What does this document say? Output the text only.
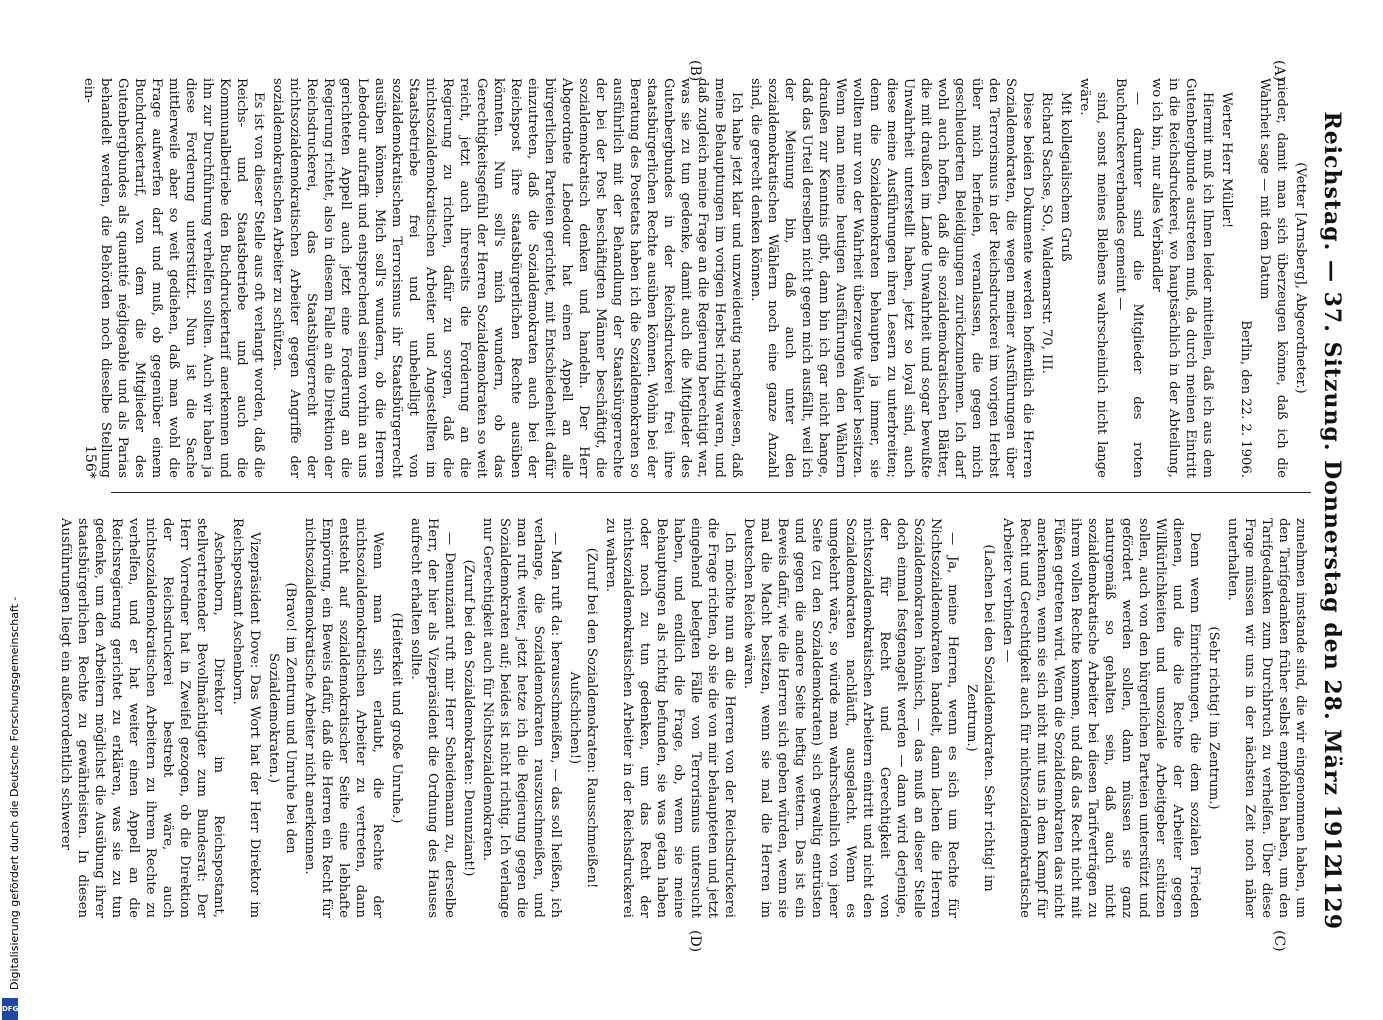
Reichstag. — 37. Sitzung. Donnerstag den 28. März 1912.
1129
(A)
(B)
(C)
(D)

(Vetter [Arnsberg], Abgeordneter.)

nieder, damit man sich überzeugen könne, daß ich die Wahrheit sage — mit dem Datum

Berlin, den 22. 2. 1906.

Werter Herr Müller!

Hiermit muß ich Ihnen leider mitteilen, daß ich aus dem Gutenbergbunde austreten muß, da durch meinen Eintritt in die Reichsdruckerei, wo hauptsächlich in der Abteilung, wo ich bin, nur alles Verbändler

— darunter sind die Mitglieder des roten Buchdruckerverbandes gemeint —

sind, sonst meines Bleibens wahrscheinlich nicht lange wäre.

Mit kollegialischem Gruß

Richard Sachse, SO., Waldemarstr. 70, III.

Diese beiden Dokumente werden hoffentlich die Herren Sozialdemokraten, die wegen meiner Ausführungen über den Terrorismus in der Reichsdruckerei im vorigen Herbst über mich herfielen, veranlassen, die gegen mich geschleuderten Beleidigungen zurückzunehmen. Ich darf wohl auch hoffen, daß die sozialdemokratischen Blätter, die mit draußen im Lande Unwahrheit und sogar bewußte Unwahrheit unterstellt haben, jetzt so loyal sind, auch diese meine Ausführungen ihren Lesern zu unterbreiten; denn die Sozialdemokraten behaupten ja immer, sie wollten nur von der Wahrheit überzeugte Wähler besitzen. Wenn man meine heutigen Ausführungen den Wählern draußen zur Kenntnis gibt, dann bin ich gar nicht bange, daß das Urteil derselben nicht gegen mich ausfällt, weil ich der Meinung bin, daß auch unter den sozialdemokratischen Wählern noch eine ganze Anzahl sind, die gerecht denken können.

Ich habe jetzt klar und unzweideutig nachgewiesen, daß meine Behauptungen im vorigen Herbst richtig waren, und daß zugleich meine Frage an die Regierung berechtigt war, was sie zu tun gedenke, damit auch die Mitglieder des Gutenbergbundes in der Reichsdruckerei frei ihre staatsbürgerlichen Rechte ausüben können. Wohin bei der Beratung des Postetats haben ich die Sozialdemokraten so ausführlich mit der Behandlung der Staatsbürgerrechte der bei der Post beschäftigten Männer beschäftigt, die sozialdemokratisch denken und handeln. Der Herr Abgeordnete Lebedour hat einen Appell an alle bürgerlichen Parteien gerichtet, mit Entschiedenheit dafür einzutreten, daß die Sozialdemokraten auch bei der Reichspost ihre staatsbürgerlichen Rechte ausüben könnten. Nun soll's mich wundern, ob das Gerechtigkeitsgefühl der Herren Sozialdemokraten so weit reicht, jetzt auch ihrerseits die Forderung an die Regierung zu richten, dafür zu sorgen, daß die nichtsozialdemokratischen Arbeiter und Angestellten im Staatsbetriebe frei und unbehelligt von sozialdemokratischem Terrorismus ihr Staatsbürgerrecht ausüben können. Mich soll's wundern, ob die Herren Lebedour aufrafft und entsprechend seinem vorhin an uns gerichteten Appell auch jetzt eine Forderung an die Regierung richtet, also in diesem Falle an die Direktion der Reichsdruckerei, das Staatsbürgerrecht der nichtsozialdemokratischen Arbeiter gegen Angriffe der sozialdemokratischen Arbeiter zu schützen.

Es ist von dieser Stelle aus oft verlangt worden, daß die Reichs- und Staatsbetriebe und auch die Kommunalbetriebe den Buchdruckertarif anerkennen und ihn zur Durchführung verhelfen sollten. Auch wir haben ja diese Forderung unterstützt. Nun ist die Sache mittlerweile aber so weit gediehen, daß man wohl die Frage aufwerfen darf und muß, ob gegenüber einem Buchdruckertarif, von dem die Mitglieder des Gutenbergbundes als quantité négligeable und als Parias behandelt werden, die Behörden noch dieselbe Stellung ein-

zunehmen imstande sind, die wir eingenommen haben, um den Tarifgedanken früher selbst empfohlen haben, um den Tarifgedanken zum Durchbruch zu verhelfen. Über diese Frage müssen wir uns in der nächsten Zeit noch näher unterhalten.

(Sehr richtig! im Zentrum.)

Denn wenn Einrichtungen, die dem sozialen Frieden dienen, und die die Rechte der Arbeiter gegen Willkürlichkeiten und unsoziale Arbeitgeber schützen sollen, auch von den bürgerlichen Parteien unterstützt und gefördert werden sollen, dann müssen sie ganz naturgemäß so gehalten sein, daß auch nicht sozialdemokratische Arbeiter bei diesen Tarifverträgen zu ihrem vollen Rechte kommen, und daß das Recht nicht mit Füßen getreten wird. Wenn die Sozialdemokraten das nicht anerkennen, wenn sie sich nicht mit uns in dem Kampf für Recht und Gerechtigkeit auch für nichtsozialdemokratische Arbeiter verbinden —

(Lachen bei den Sozialdemokraten. Sehr richtig! im Zentrum.)

— Ja, meine Herren, wenn es sich um Rechte für Nichtsozialdemokraten handelt, dann lachen die Herren Sozialdemokraten höhnisch, — das muß an dieser Stelle doch einmal festgenagelt werden — dann wird derjenige, der für Recht und Gerechtigkeit von nichtsozialdemokratischen Arbeitern eintritt und nicht den Sozialdemokraten nachläuft, ausgelacht. Wenn es umgekehrt wäre, so würde man wahrscheinlich von jener Seite (zu den Sozialdemokraten) sich gewaltig entrüsten und gegen die andere Seite heftig wettern. Das ist ein Beweis dafür, wie die Herren sich geben würden, wenn sie mal die Macht besitzen, wenn sie mal die Herren im Deutschen Reiche wären.

Ich möchte nun an die Herren von der Reichsdruckerei die Frage richten, ob sie die von mir behaupteten und jetzt eingehend belegten Fälle von Terrorismus untersucht haben, und endlich die Frage, ob, wenn sie meine Behauptungen als richtig befunden, sie was getan haben oder noch zu tun gedenken, um das Recht der nichtsozialdemokratischen Arbeiter in der Reichsdruckerei zu wahren.

(Zuruf bei den Sozialdemokraten: Rausschmeißen! Aufschichen!)

— Man ruft da: herausschmeißen, — das soll heißen, ich verlange, die Sozialdemokraten rauszuschmeißen, und man ruft weiter, jetzt hetze ich die Regierung gegen die Sozialdemokraten auf; beides ist nicht richtig. Ich verlange nur Gerechtigkeit auch für Nichtsozialdemokraten.

(Zuruf bei den Sozialdemokraten: Denunziant!)

— Denunziant ruft mir Herr Scheidemann zu, derselbe Herr, der hier als Vizepräsident die Ordnung des Hauses aufrecht erhalten sollte.

(Heiterkeit und große Unruhe.)

Wenn man sich erlaubt, die Rechte der nichtsozialdemokratischen Arbeiter zu vertreten, dann entsteht auf sozialdemokratischer Seite eine lebhafte Empörung, ein Beweis dafür, daß die Herren ein Recht für nichtsozialdemokratische Arbeiter nicht anerkennen.

(Bravo! im Zentrum und Unruhe bei den Sozialdemokraten.)

Vizepräsident Dove: Das Wort hat der Herr Direktor im Reichspostamt Aschenborn.

Aschenborn, Direktor im Reichspostamt, stellvertretender Bevollmächtigter zum Bundesrat: Der Herr Vorredner hat in Zweifel gezogen, ob die Direktion der Reichsdruckerei bestrebt wäre, auch nichtsozialdemokratischen Arbeitern zu ihrem Rechte zu verhelfen, und er hat weiter einen Appell an die Reichsregierung gerichtet zu erklären, was sie zu tun gedenke, um den Arbeitern möglichst die Ausübung ihrer staatsbürgerlichen Rechte zu gewährleisten. In diesen Ausführungen liegt ein außerordentlich schwerer

156*
Digitalisierung gefördert durch die Deutsche Forschungsgemeinschaft -
DFG
